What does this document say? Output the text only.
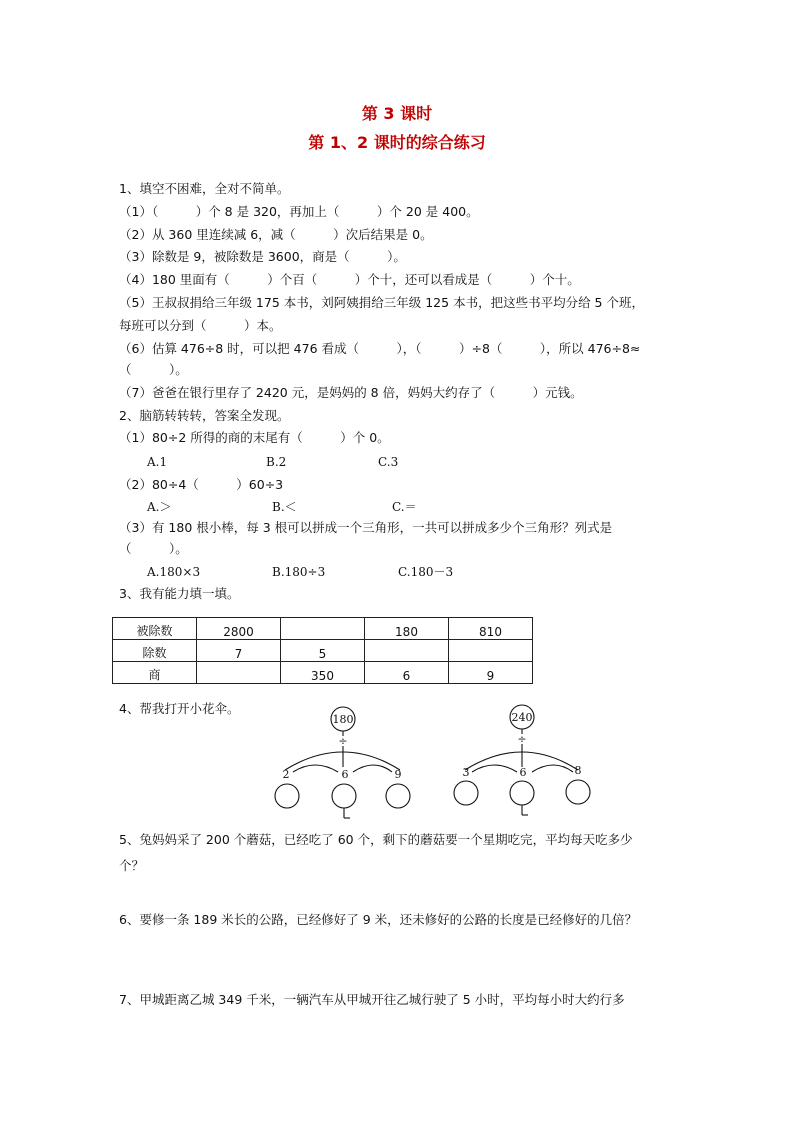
第 3 课时
第 1、2 课时的综合练习
1、填空不困难，全对不简单。
（1）（　　　）个 8 是 320，再加上（　　　）个 20 是 400。
（2）从 360 里连续减 6，减（　　　）次后结果是 0。
（3）除数是 9，被除数是 3600，商是（　　　）。
（4）180 里面有（　　　）个百（　　　）个十，还可以看成是（　　　）个十。
（5）王叔叔捐给三年级 175 本书，刘阿姨捐给三年级 125 本书，把这些书平均分给 5 个班，
每班可以分到（　　　）本。
（6）估算 476÷8 时，可以把 476 看成（　　　），（　　　）÷8（　　　），所以 476÷8≈
（　　　）。
（7）爸爸在银行里存了 2420 元，是妈妈的 8 倍，妈妈大约存了（　　　）元钱。
2、脑筋转转转，答案全发现。
（1）80÷2 所得的商的末尾有（　　　）个 0。
A.1	B.2	C.3
（2）80÷4（　　　）60÷3
A.＞	B.＜	C.＝
（3）有 180 根小棒，每 3 根可以拼成一个三角形，一共可以拼成多少个三角形？列式是
（　　　）。
A.180×3	B.180÷3	C.180－3
3、我有能力填一填。
被除数	2800		180	810
除数	7	5		
商		350	6	9
4、帮我打开小花伞。
180
÷
2	6	9
240
÷
3	6	8
5、兔妈妈采了 200 个蘑菇，已经吃了 60 个，剩下的蘑菇要一个星期吃完，平均每天吃多少
个？
6、要修一条 189 米长的公路，已经修好了 9 米，还未修好的公路的长度是已经修好的几倍？
7、甲城距离乙城 349 千米，一辆汽车从甲城开往乙城行驶了 5 小时，平均每小时大约行多
